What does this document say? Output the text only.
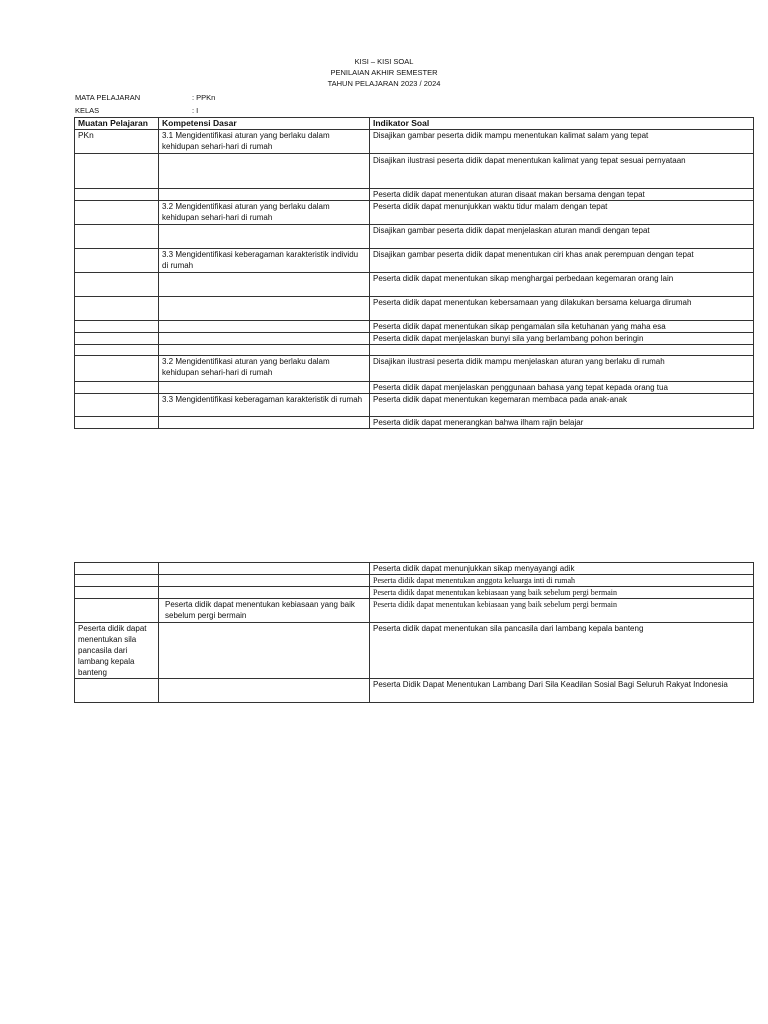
KISI – KISI SOAL
PENILAIAN AKHIR SEMESTER
TAHUN PELAJARAN 2023 / 2024
MATA PELAJARAN	: PPKn
KELAS	: I
Muatan Pelajaran	Kompetensi Dasar	Indikator Soal
PKn	3.1 Mengidentifikasi aturan yang berlaku dalam kehidupan sehari-hari di rumah	Disajikan gambar peserta didik mampu menentukan kalimat salam yang tepat
		Disajikan ilustrasi peserta didik dapat menentukan kalimat yang tepat sesuai pernyataan
		Peserta didik dapat menentukan aturan disaat makan bersama dengan tepat
	3.2 Mengidentifikasi aturan yang berlaku dalam kehidupan sehari-hari di rumah	Peserta didik dapat menunjukkan waktu tidur malam dengan tepat
		Disajikan gambar peserta didik dapat menjelaskan aturan mandi dengan tepat
	3.3 Mengidentifikasi keberagaman karakteristik individu di rumah	Disajikan gambar peserta didik dapat menentukan ciri khas anak perempuan dengan tepat
		Peserta didik dapat menentukan sikap menghargai perbedaan kegemaran orang lain
		Peserta didik dapat menentukan kebersamaan yang dilakukan bersama keluarga dirumah
		Peserta didik dapat menentukan sikap pengamalan sila ketuhanan yang maha esa
		Peserta didik dapat menjelaskan bunyi sila yang berlambang pohon beringin

	3.2 Mengidentifikasi aturan yang berlaku dalam kehidupan sehari-hari di rumah	Disajikan ilustrasi peserta didik mampu menjelaskan aturan yang berlaku di rumah
		Peserta didik dapat menjelaskan penggunaan bahasa yang tepat kepada orang tua
	3.3 Mengidentifikasi keberagaman karakteristik di rumah	Peserta didik dapat menentukan kegemaran membaca pada anak-anak
		Peserta didik dapat menerangkan bahwa ilham rajin belajar
		Peserta didik dapat menunjukkan sikap menyayangi adik
		Peserta didik dapat menentukan anggota keluarga inti di rumah
		Peserta didik dapat menentukan kebiasaan yang baik sebelum pergi bermain
	Peserta didik dapat menentukan kebiasaan yang baik sebelum pergi bermain	Peserta didik dapat menentukan kebiasaan yang baik sebelum pergi bermain
Peserta didik dapat menentukan sila pancasila dari lambang kepala banteng		Peserta didik dapat menentukan sila pancasila dari lambang kepala banteng
		Peserta Didik Dapat Menentukan Lambang Dari Sila Keadilan Sosial Bagi Seluruh Rakyat Indonesia
